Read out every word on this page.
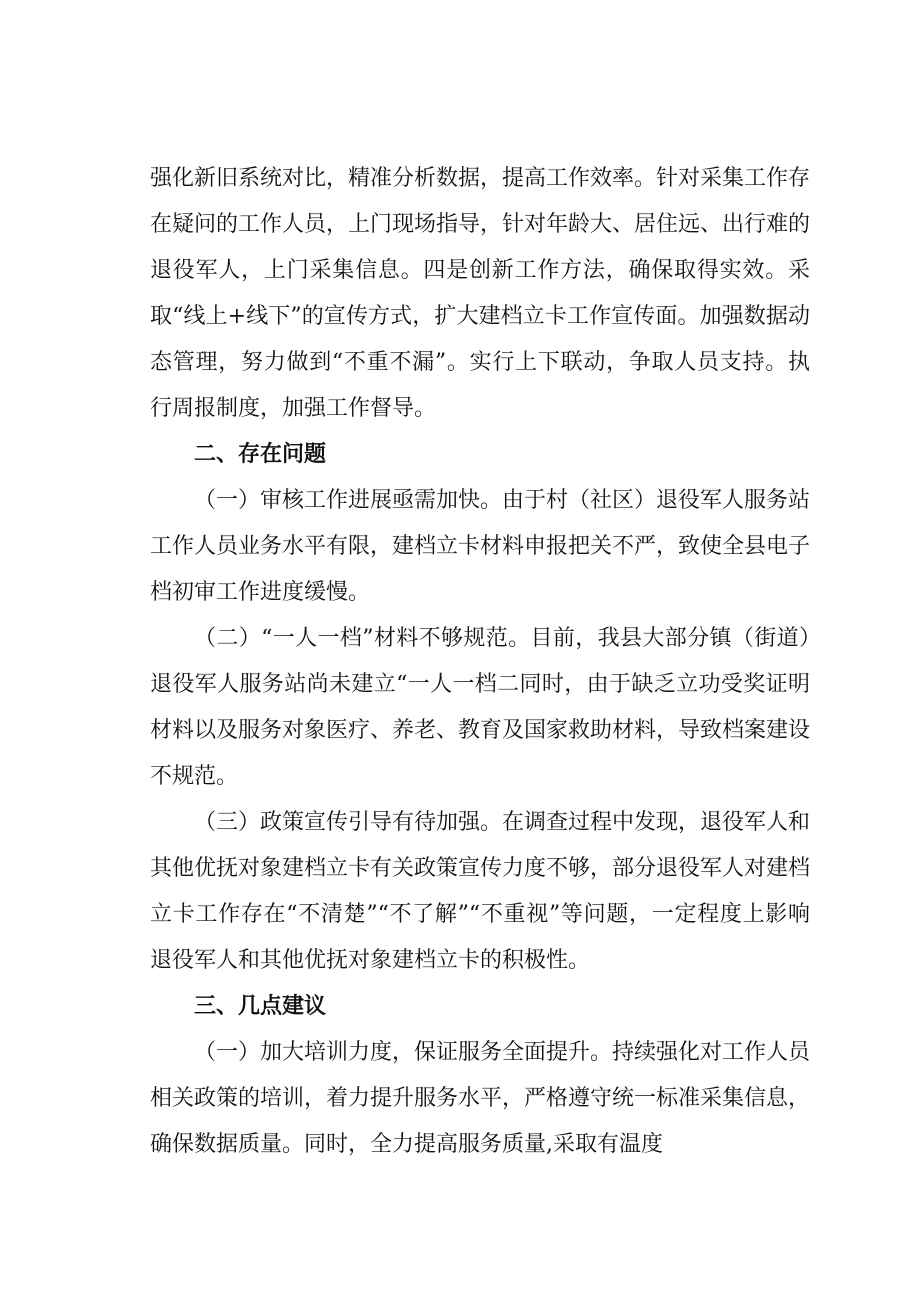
强化新旧系统对比，精准分析数据，提高工作效率。针对采集工作存在疑问的工作人员，上门现场指导，针对年龄大、居住远、出行难的退役军人，上门采集信息。四是创新工作方法，确保取得实效。采取“线上+线下”的宣传方式，扩大建档立卡工作宣传面。加强数据动态管理，努力做到“不重不漏”。实行上下联动，争取人员支持。执行周报制度，加强工作督导。

二、存在问题

（一）审核工作进展亟需加快。由于村（社区）退役军人服务站工作人员业务水平有限，建档立卡材料申报把关不严，致使全县电子档初审工作进度缓慢。

（二）“一人一档”材料不够规范。目前，我县大部分镇（街道）退役军人服务站尚未建立“一人一档二同时，由于缺乏立功受奖证明材料以及服务对象医疗、养老、教育及国家救助材料，导致档案建设不规范。

（三）政策宣传引导有待加强。在调查过程中发现，退役军人和其他优抚对象建档立卡有关政策宣传力度不够，部分退役军人对建档立卡工作存在“不清楚”“不了解”“不重视”等问题，一定程度上影响退役军人和其他优抚对象建档立卡的积极性。

三、几点建议

（一）加大培训力度，保证服务全面提升。持续强化对工作人员相关政策的培训，着力提升服务水平，严格遵守统一标准采集信息，确保数据质量。同时，全力提高服务质量,采取有温度
